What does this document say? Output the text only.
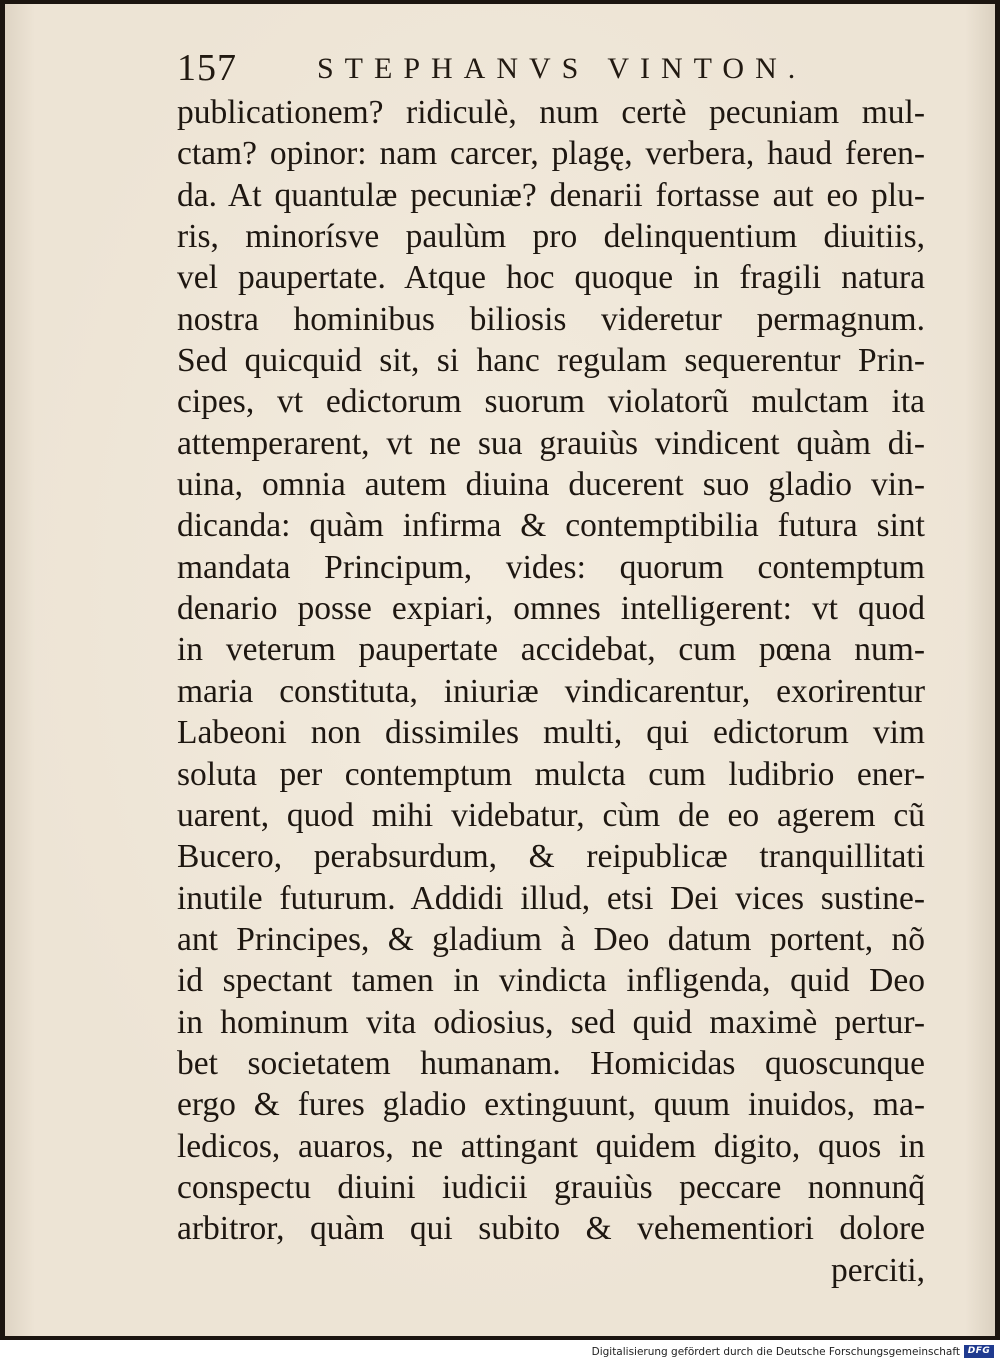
157	STEPHANVS VINTON.
publicationem? ridiculè, num certè pecuniam mul-
ctam? opinor: nam carcer, plagę, verbera, haud feren-
da. At quantulæ pecuniæ? denarii fortasse aut eo plu-
ris, minorísve paulùm pro delinquentium diuitiis,
vel paupertate. Atque hoc quoque in fragili natura
nostra hominibus biliosis videretur permagnum.
Sed quicquid sit, si hanc regulam sequerentur Prin-
cipes, vt edictorum suorum violatorũ mulctam ita
attemperarent, vt ne sua grauiùs vindicent quàm di-
uina, omnia autem diuina ducerent suo gladio vin-
dicanda: quàm infirma & contemptibilia futura sint
mandata Principum, vides: quorum contemptum
denario posse expiari, omnes intelligerent: vt quod
in veterum paupertate accidebat, cum pœna num-
maria constituta, iniuriæ vindicarentur, exorirentur
Labeoni non dissimiles multi, qui edictorum vim
soluta per contemptum mulcta cum ludibrio ener-
uarent, quod mihi videbatur, cùm de eo agerem cũ
Bucero, perabsurdum, & reipublicæ tranquillitati
inutile futurum. Addidi illud, etsi Dei vices sustine-
ant Principes, & gladium à Deo datum portent, nõ
id spectant tamen in vindicta infligenda, quid Deo
in hominum vita odiosius, sed quid maximè pertur-
bet societatem humanam. Homicidas quoscunque
ergo & fures gladio extinguunt, quum inuidos, ma-
ledicos, auaros, ne attingant quidem digito, quos in
conspectu diuini iudicii grauiùs peccare nonnunq̃
arbitror, quàm qui subito & vehementiori dolore
perciti,
Digitalisierung gefördert durch die Deutsche Forschungsgemeinschaft DFG
